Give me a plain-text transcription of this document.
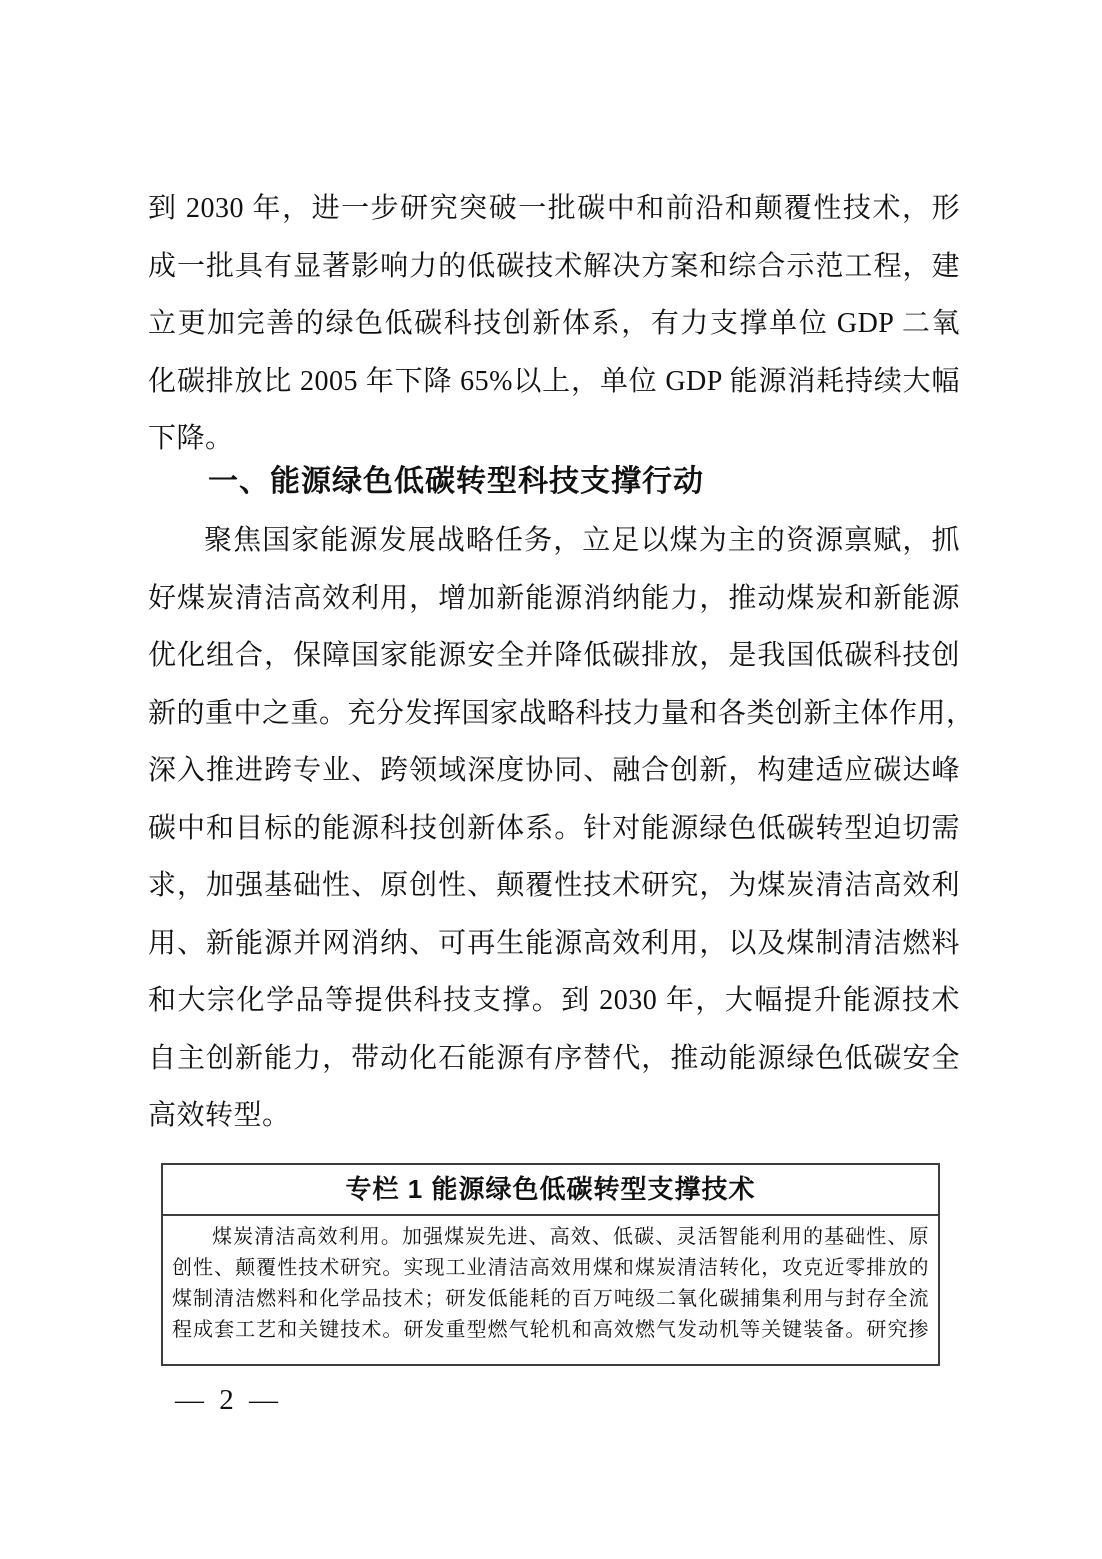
到 2030 年，进一步研究突破一批碳中和前沿和颠覆性技术，形
成一批具有显著影响力的低碳技术解决方案和综合示范工程，建
立更加完善的绿色低碳科技创新体系，有力支撑单位 GDP 二氧
化碳排放比 2005 年下降 65%以上，单位 GDP 能源消耗持续大幅
下降。
一、能源绿色低碳转型科技支撑行动
聚焦国家能源发展战略任务，立足以煤为主的资源禀赋，抓
好煤炭清洁高效利用，增加新能源消纳能力，推动煤炭和新能源
优化组合，保障国家能源安全并降低碳排放，是我国低碳科技创
新的重中之重。充分发挥国家战略科技力量和各类创新主体作用，
深入推进跨专业、跨领域深度协同、融合创新，构建适应碳达峰
碳中和目标的能源科技创新体系。针对能源绿色低碳转型迫切需
求，加强基础性、原创性、颠覆性技术研究，为煤炭清洁高效利
用、新能源并网消纳、可再生能源高效利用，以及煤制清洁燃料
和大宗化学品等提供科技支撑。到 2030 年，大幅提升能源技术
自主创新能力，带动化石能源有序替代，推动能源绿色低碳安全
高效转型。
专栏 1 能源绿色低碳转型支撑技术
煤炭清洁高效利用。加强煤炭先进、高效、低碳、灵活智能利用的基础性、原
创性、颠覆性技术研究。实现工业清洁高效用煤和煤炭清洁转化，攻克近零排放的
煤制清洁燃料和化学品技术；研发低能耗的百万吨级二氧化碳捕集利用与封存全流
程成套工艺和关键技术。研发重型燃气轮机和高效燃气发动机等关键装备。研究掺
— 2 —
